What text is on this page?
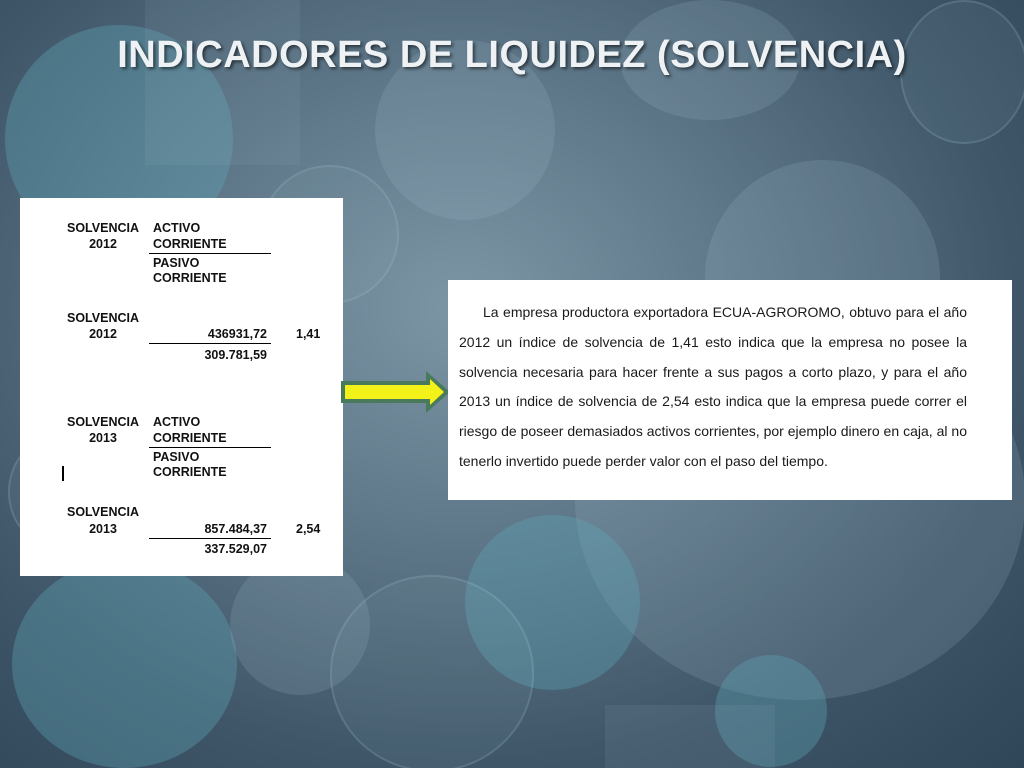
INDICADORES DE LIQUIDEZ (SOLVENCIA)
SOLVENCIA
2012
ACTIVO
CORRIENTE
PASIVO
CORRIENTE
SOLVENCIA
2012	436931,72
309.781,59
1,41
SOLVENCIA
2013
ACTIVO
CORRIENTE
PASIVO
CORRIENTE
SOLVENCIA
2013	857.484,37
337.529,07
2,54

La empresa productora exportadora ECUA-AGROROMO, obtuvo para el año 2012 un índice de solvencia de 1,41 esto indica que la empresa no posee la solvencia necesaria para hacer frente a sus pagos a corto plazo, y para el año 2013 un índice de solvencia de 2,54 esto indica que la empresa puede correr el riesgo de poseer demasiados activos corrientes, por ejemplo dinero en caja, al no tenerlo invertido puede perder valor con el paso del tiempo.
